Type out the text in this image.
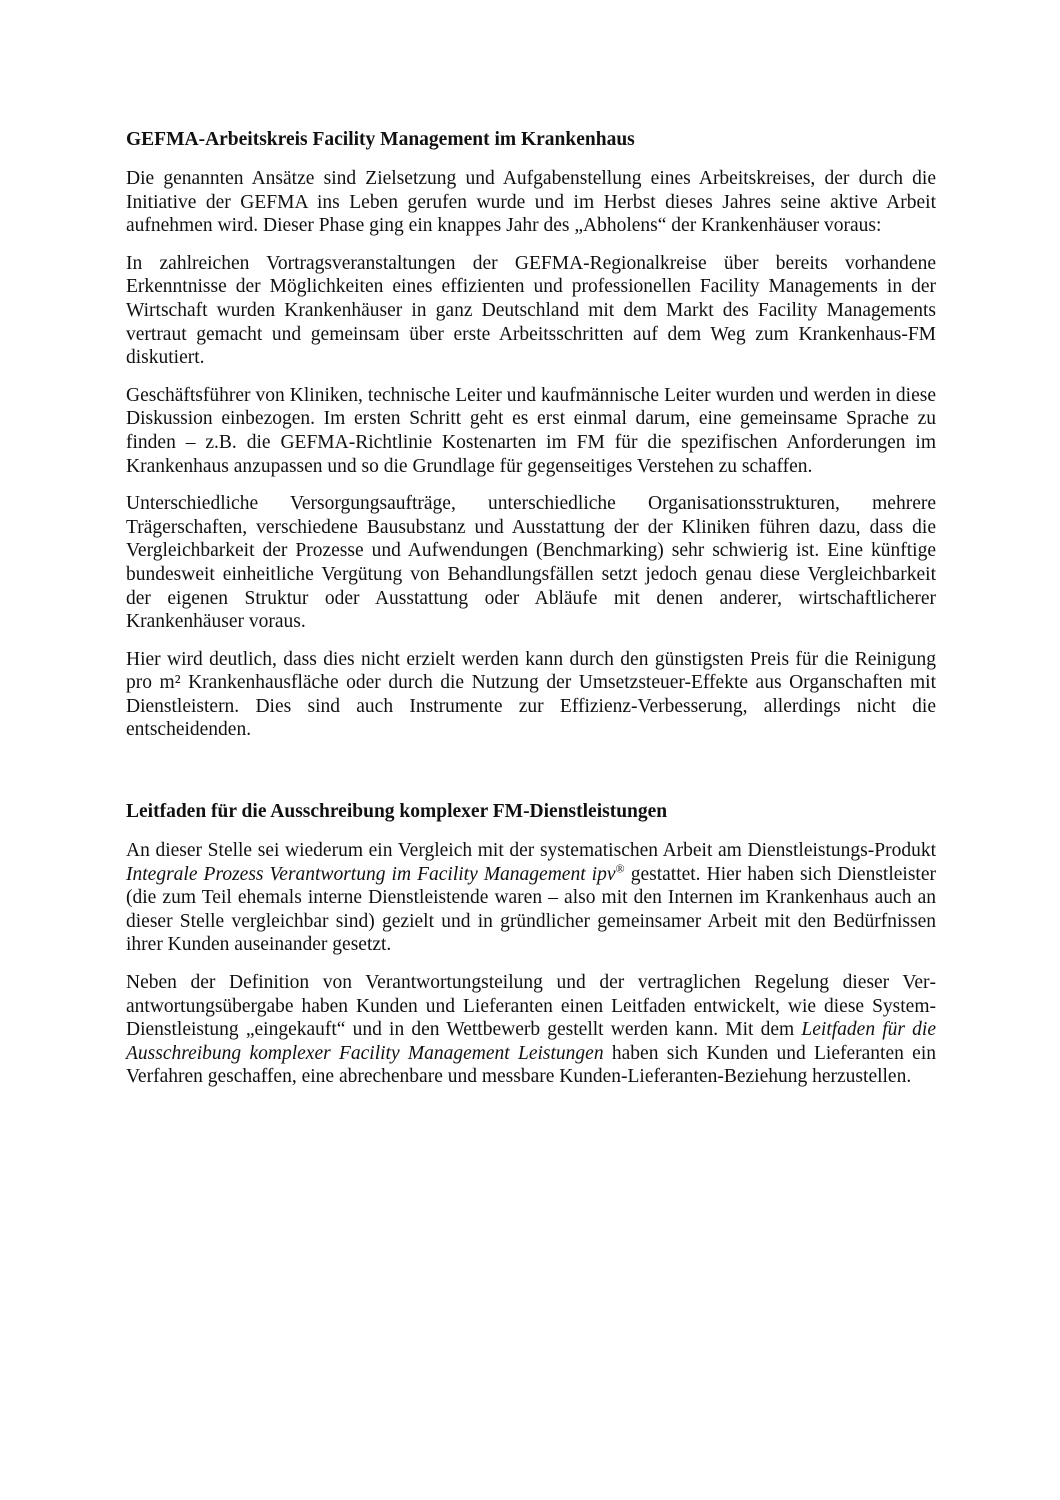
GEFMA-Arbeitskreis Facility Management im Krankenhaus

Die genannten Ansätze sind Zielsetzung und Aufgabenstellung eines Arbeitskreises, der durch die Initiative der GEFMA ins Leben gerufen wurde und im Herbst dieses Jahres seine aktive Arbeit aufnehmen wird. Dieser Phase ging ein knappes Jahr des „Abholens“ der Krankenhäuser voraus:

In zahlreichen Vortragsveranstaltungen der GEFMA-Regionalkreise über bereits vorhandene Erkenntnisse der Möglichkeiten eines effizienten und professionellen Facility Managements in der Wirtschaft wurden Krankenhäuser in ganz Deutschland mit dem Markt des Facility Managements vertraut gemacht und gemeinsam über erste Arbeitsschritten auf dem Weg zum Krankenhaus-FM diskutiert.

Geschäftsführer von Kliniken, technische Leiter und kaufmännische Leiter wurden und werden in diese Diskussion einbezogen. Im ersten Schritt geht es erst einmal darum, eine gemeinsame Sprache zu finden – z.B. die GEFMA-Richtlinie Kostenarten im FM für die spezifischen Anforderungen im Krankenhaus anzupassen und so die Grundlage für gegenseitiges Verstehen zu schaffen.

Unterschiedliche Versorgungsaufträge, unterschiedliche Organisationsstrukturen, mehrere Trägerschaften, verschiedene Bausubstanz und Ausstattung der der Kliniken führen dazu, dass die Vergleichbarkeit der Prozesse und Aufwendungen (Benchmarking) sehr schwierig ist. Eine künftige bundesweit einheitliche Vergütung von Behandlungsfällen setzt jedoch genau diese Vergleichbarkeit der eigenen Struktur oder Ausstattung oder Abläufe mit denen anderer, wirtschaftlicherer Krankenhäuser voraus.

Hier wird deutlich, dass dies nicht erzielt werden kann durch den günstigsten Preis für die Reinigung pro m² Krankenhausfläche oder durch die Nutzung der Umsetzsteuer-Effekte aus Organschaften mit Dienstleistern. Dies sind auch Instrumente zur Effizienz-Verbesserung, allerdings nicht die entscheidenden.

Leitfaden für die Ausschreibung komplexer FM-Dienstleistungen

An dieser Stelle sei wiederum ein Vergleich mit der systematischen Arbeit am Dienstleistungs-Produkt Integrale Prozess Verantwortung im Facility Management ipv® gestattet. Hier haben sich Dienstleister (die zum Teil ehemals interne Dienstleistende waren – also mit den Internen im Krankenhaus auch an dieser Stelle vergleichbar sind) gezielt und in gründlicher gemeinsamer Arbeit mit den Bedürfnissen ihrer Kunden auseinander gesetzt.

Neben der Definition von Verantwortungsteilung und der vertraglichen Regelung dieser Verantwortungsübergabe haben Kunden und Lieferanten einen Leitfaden entwickelt, wie diese System-Dienstleistung „eingekauft“ und in den Wettbewerb gestellt werden kann. Mit dem Leitfaden für die Ausschreibung komplexer Facility Management Leistungen haben sich Kunden und Lieferanten ein Verfahren geschaffen, eine abrechenbare und messbare Kunden-Lieferanten-Beziehung herzustellen.
